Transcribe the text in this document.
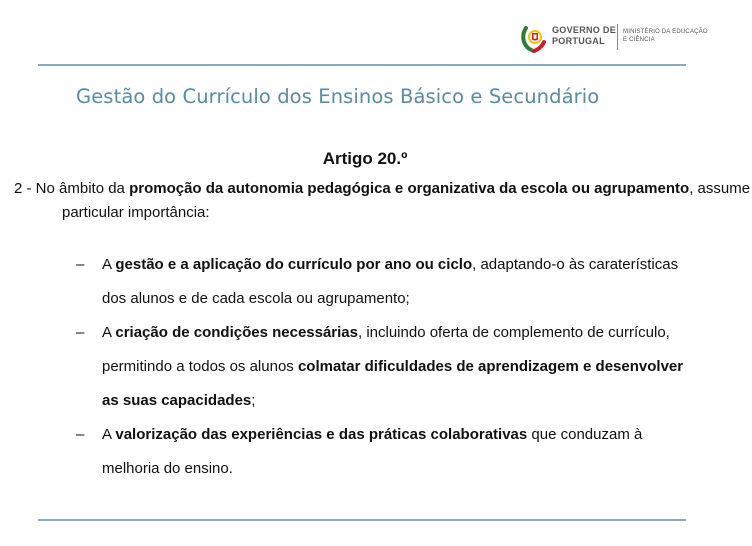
GOVERNO DE
PORTUGAL
MINISTÉRIO DA EDUCAÇÃO
E CIÊNCIA
Gestão do Currículo dos Ensinos Básico e Secundário
Artigo 20.º
2 - No âmbito da promoção da autonomia pedagógica e organizativa da escola ou agrupamento, assume particular importância:
– A gestão e a aplicação do currículo por ano ou ciclo, adaptando-o às caraterísticas dos alunos e de cada escola ou agrupamento;
– A criação de condições necessárias, incluindo oferta de complemento de currículo, permitindo a todos os alunos colmatar dificuldades de aprendizagem e desenvolver as suas capacidades;
– A valorização das experiências e das práticas colaborativas que conduzam à melhoria do ensino.
